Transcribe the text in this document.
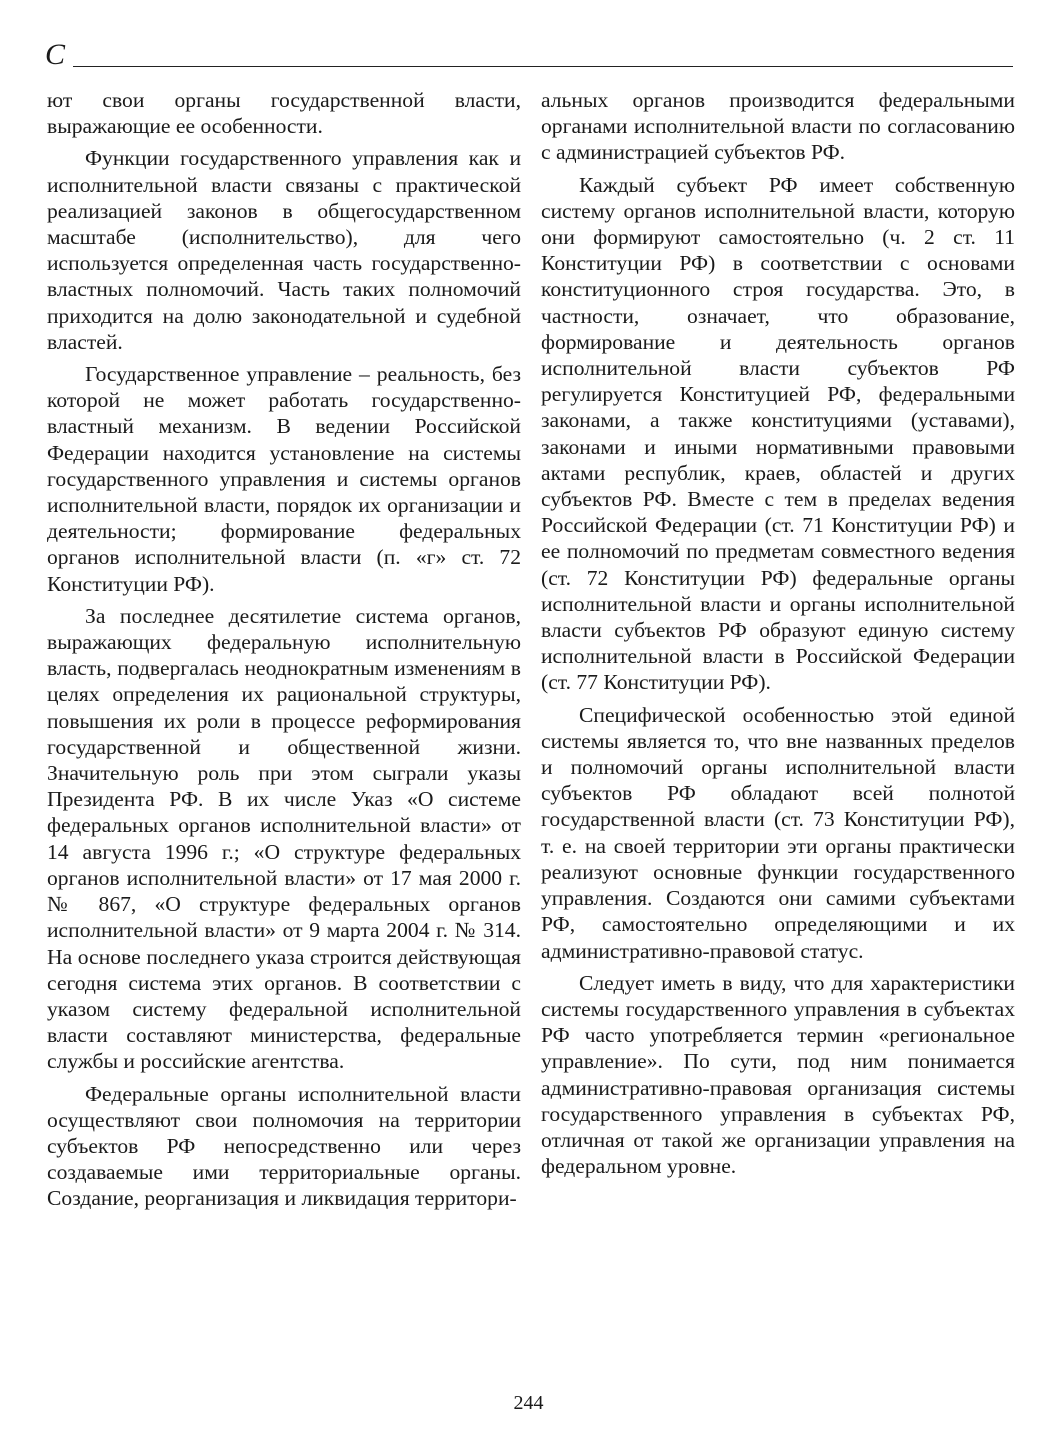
С

ют свои органы государственной власти, выражающие ее особенности.

Функции государственного управления как и исполнительной власти связаны с практической реализацией законов в общегосударственном масштабе (исполнительство), для чего используется определенная часть государственно-властных полномочий. Часть таких полномочий приходится на долю законодательной и судебной властей.

Государственное управление – реальность, без которой не может работать государственно-властный механизм. В ведении Российской Федерации находится установление на системы государственного управления и системы органов исполнительной власти, порядок их организации и деятельности; формирование федеральных органов исполнительной власти (п. «г» ст. 72 Конституции РФ).

За последнее десятилетие система органов, выражающих федеральную исполнительную власть, подвергалась неоднократным изменениям в целях определения их рациональной структуры, повышения их роли в процессе реформирования государственной и общественной жизни. Значительную роль при этом сыграли указы Президента РФ. В их числе Указ «О системе федеральных органов исполнительной власти» от 14 августа 1996 г.; «О структуре федеральных органов исполнительной власти» от 17 мая 2000 г. № 867, «О структуре федеральных органов исполнительной власти» от 9 марта 2004 г. № 314. На основе последнего указа строится действующая сегодня система этих органов. В соответствии с указом систему федеральной исполнительной власти составляют министерства, федеральные службы и российские агентства.

Федеральные органы исполнительной власти осуществляют свои полномочия на территории субъектов РФ непосредственно или через создаваемые ими территориальные органы. Создание, реорганизация и ликвидация территори-

альных органов производится федеральными органами исполнительной власти по согласованию с администрацией субъектов РФ.

Каждый субъект РФ имеет собственную систему органов исполнительной власти, которую они формируют самостоятельно (ч. 2 ст. 11 Конституции РФ) в соответствии с основами конституционного строя государства. Это, в частности, означает, что образование, формирование и деятельность органов исполнительной власти субъектов РФ регулируется Конституцией РФ, федеральными законами, а также конституциями (уставами), законами и иными нормативными правовыми актами республик, краев, областей и других субъектов РФ. Вместе с тем в пределах ведения Российской Федерации (ст. 71 Конституции РФ) и ее полномочий по предметам совместного ведения (ст. 72 Конституции РФ) федеральные органы исполнительной власти и органы исполнительной власти субъектов РФ образуют единую систему исполнительной власти в Российской Федерации (ст. 77 Конституции РФ).

Специфической особенностью этой единой системы является то, что вне названных пределов и полномочий органы исполнительной власти субъектов РФ обладают всей полнотой государственной власти (ст. 73 Конституции РФ), т. е. на своей территории эти органы практически реализуют основные функции государственного управления. Создаются они самими субъектами РФ, самостоятельно определяющими и их административно-правовой статус.

Следует иметь в виду, что для характеристики системы государственного управления в субъектах РФ часто употребляется термин «региональное управление». По сути, под ним понимается административно-правовая организация системы государственного управления в субъектах РФ, отличная от такой же организации управления на федеральном уровне.

244
